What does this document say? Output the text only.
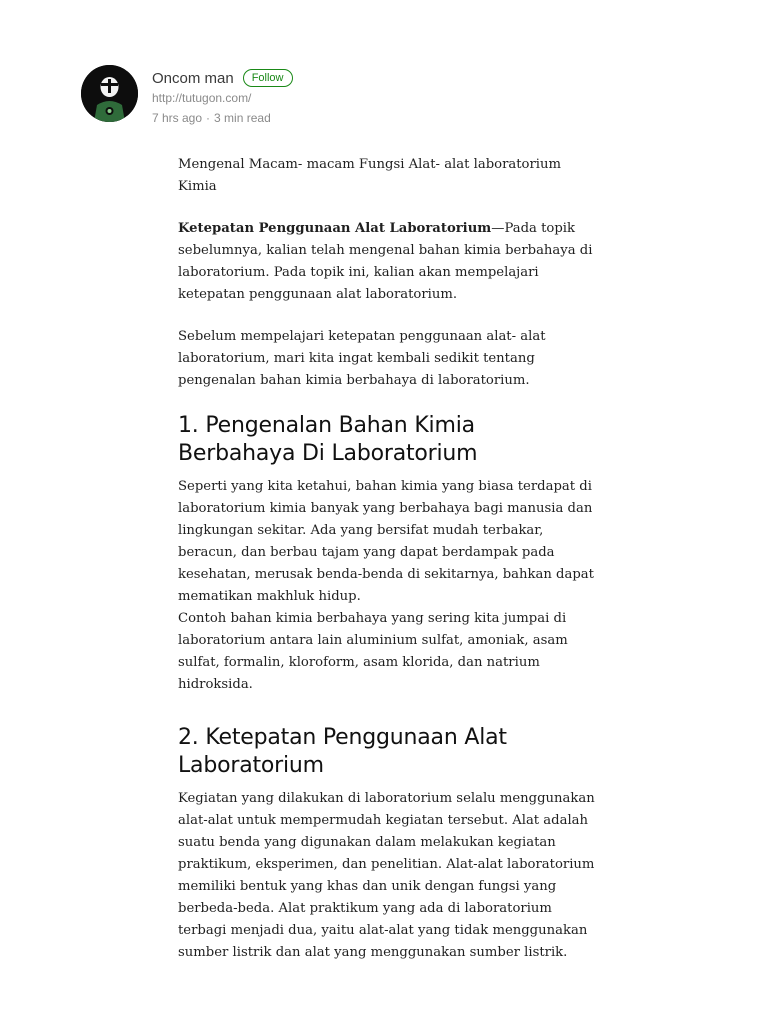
Oncom man	Follow
http://tutugon.com/
7 hrs ago · 3 min read

Mengenal Macam- macam Fungsi Alat- alat laboratorium Kimia

Ketepatan Penggunaan Alat Laboratorium—Pada topik sebelumnya, kalian telah mengenal bahan kimia berbahaya di laboratorium. Pada topik ini, kalian akan mempelajari ketepatan penggunaan alat laboratorium.

Sebelum mempelajari ketepatan penggunaan alat- alat laboratorium, mari kita ingat kembali sedikit tentang pengenalan bahan kimia berbahaya di laboratorium.

1. Pengenalan Bahan Kimia Berbahaya Di Laboratorium

Seperti yang kita ketahui, bahan kimia yang biasa terdapat di laboratorium kimia banyak yang berbahaya bagi manusia dan lingkungan sekitar. Ada yang bersifat mudah terbakar, beracun, dan berbau tajam yang dapat berdampak pada kesehatan, merusak benda-benda di sekitarnya, bahkan dapat mematikan makhluk hidup.

Contoh bahan kimia berbahaya yang sering kita jumpai di laboratorium antara lain aluminium sulfat, amoniak, asam sulfat, formalin, kloroform, asam klorida, dan natrium hidroksida.

2. Ketepatan Penggunaan Alat Laboratorium

Kegiatan yang dilakukan di laboratorium selalu menggunakan alat-alat untuk mempermudah kegiatan tersebut. Alat adalah suatu benda yang digunakan dalam melakukan kegiatan praktikum, eksperimen, dan penelitian. Alat-alat laboratorium memiliki bentuk yang khas dan unik dengan fungsi yang berbeda-beda. Alat praktikum yang ada di laboratorium terbagi menjadi dua, yaitu alat-alat yang tidak menggunakan sumber listrik dan alat yang menggunakan sumber listrik.
